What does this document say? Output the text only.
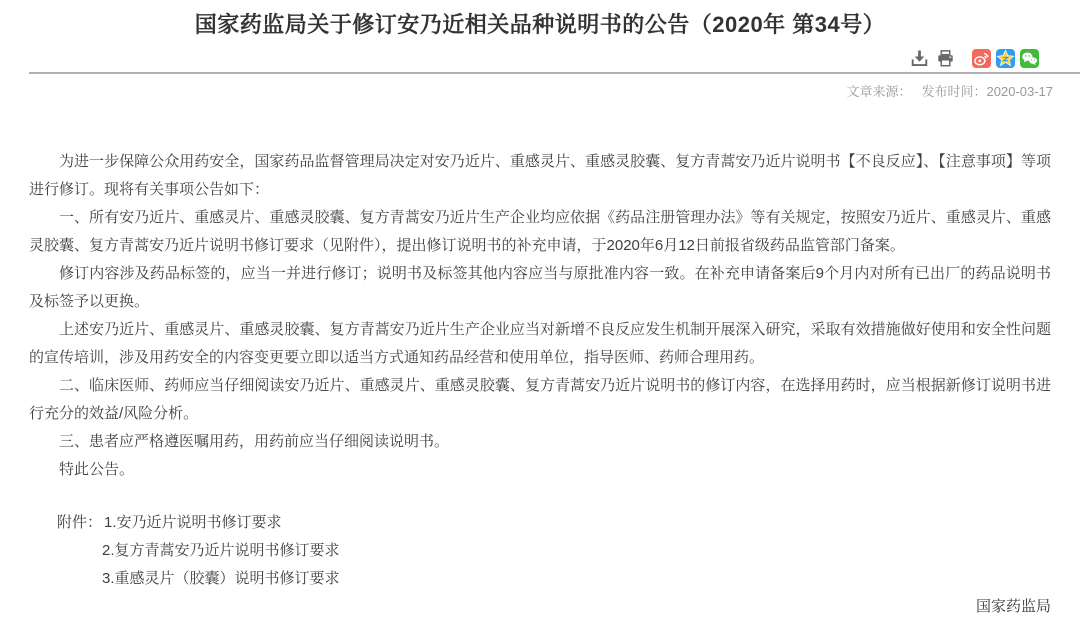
国家药监局关于修订安乃近相关品种说明书的公告（2020年 第34号）
文章来源： 发布时间：2020-03-17

为进一步保障公众用药安全，国家药品监督管理局决定对安乃近片、重感灵片、重感灵胶囊、复方青蒿安乃近片说明书【不良反应】、【注意事项】等项进行修订。现将有关事项公告如下：

一、所有安乃近片、重感灵片、重感灵胶囊、复方青蒿安乃近片生产企业均应依据《药品注册管理办法》等有关规定，按照安乃近片、重感灵片、重感灵胶囊、复方青蒿安乃近片说明书修订要求（见附件），提出修订说明书的补充申请，于2020年6月12日前报省级药品监管部门备案。

修订内容涉及药品标签的，应当一并进行修订；说明书及标签其他内容应当与原批准内容一致。在补充申请备案后9个月内对所有已出厂的药品说明书及标签予以更换。

上述安乃近片、重感灵片、重感灵胶囊、复方青蒿安乃近片生产企业应当对新增不良反应发生机制开展深入研究，采取有效措施做好使用和安全性问题的宣传培训，涉及用药安全的内容变更要立即以适当方式通知药品经营和使用单位，指导医师、药师合理用药。

二、临床医师、药师应当仔细阅读安乃近片、重感灵片、重感灵胶囊、复方青蒿安乃近片说明书的修订内容，在选择用药时，应当根据新修订说明书进行充分的效益/风险分析。

三、患者应严格遵医嘱用药，用药前应当仔细阅读说明书。

特此公告。

附件： 1.安乃近片说明书修订要求
2.复方青蒿安乃近片说明书修订要求
3.重感灵片（胶囊）说明书修订要求
国家药监局
